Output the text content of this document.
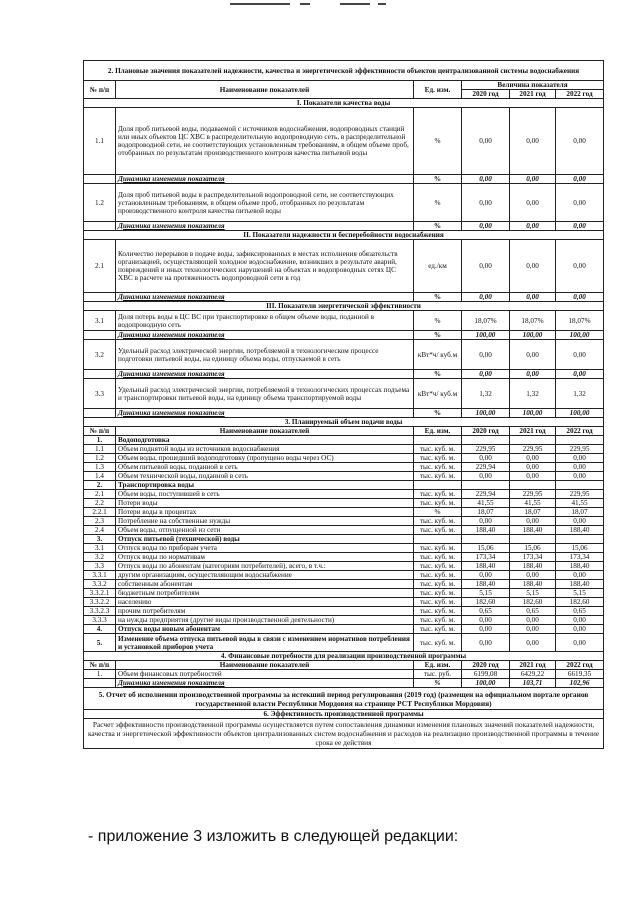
2. Плановые значения показателей надежности, качества и энергетической эффективности объектов централизованной системы водоснабжения					
№ п/п	Наименование показателей	Ед. изм.	Величина показателя		
			2020 год	2021 год	2022 год
I. Показатели качества воды					
1.1	Доля проб питьевой воды, подаваемой с источников водоснабжения, водопроводных станций или иных объектов ЦС ХВС в распределительную водопроводную сеть, в распределительной водопроводной сети, не соответствующих установленным требованиям, в общем объеме проб, отобранных по результатам производственного контроля качества питьевой воды	%	0,00	0,00	0,00
	Динамика изменения показателя	%	0,00	0,00	0,00
1.2	Доля проб питьевой воды в распределительной водопроводной сети, не соответствующих установленным требованиям, в общем объеме проб, отобранных по результатам производственного контроля качества питьевой воды	%	0,00	0,00	0,00
	Динамика изменения показателя	%	0,00	0,00	0,00
II. Показатели надежности и бесперебойности водоснабжения					
2.1	Количество перерывов в подаче воды, зафиксированных в местах исполнения обязательств организацией, осуществляющей холодное водоснабжение, возникших в результате аварий, повреждений и иных технологических нарушений на объектах и водопроводных сетях ЦС ХВС в расчете на протяженность водопроводной сети в год	ед./км	0,00	0,00	0,00
	Динамика изменения показателя	%	0,00	0,00	0,00
III. Показатели энергетической эффективности					
3.1	Доля потерь воды в ЦС ВС при транспортировке в общем объеме воды, поданной в водопроводную сеть	%	18,07%	18,07%	18,07%
	Динамика изменения показателя	%	100,00	100,00	100,00
3.2	Удельный расход электрической энергии, потребляемой в технологическом процессе подготовки питьевой воды, на единицу объема воды, отпускаемой в сеть	кВт*ч/ куб.м	0,00	0,00	0,00
	Динамика изменения показателя	%	0,00	0,00	0,00
3.3	Удельный расход электрической энергии, потребляемой в технологических процессах подъема и транспортировки питьевой воды, на единицу объема транспортируемой воды	кВт*ч/ куб.м	1,32	1,32	1,32
	Динамика изменения показателя	%	100,00	100,00	100,00
3. Планируемый объем подачи воды					
№ п/п	Наименование показателей	Ед. изм.	2020 год	2021 год	2022 год
1.	Водоподготовка				
1.1	Объем поднятой воды из источников водоснабжения	тыс. куб. м.	229,95	229,95	229,95
1.2	Объем воды, прошедший водоподготовку (пропущено воды через ОС)	тыс. куб. м.	0,00	0,00	0,00
1.3	Объем питьевой воды, поданной в сеть	тыс. куб. м.	229,94	0,00	0,00
1.4	Объем технической воды, поданной в сеть	тыс. куб. м.	0,00	0,00	0,00
2.	Транспортировка воды				
2.1	Объем воды, поступившей в сеть	тыс. куб. м.	229,94	229,95	229,95
2.2	Потери воды	тыс. куб. м.	41,55	41,55	41,55
2.2.1	Потери воды в процентах	%	18,07	18,07	18,07
2.3	Потребление на собственные нужды	тыс. куб. м.	0,00	0,00	0,00
2.4	Объем воды, отпущенной из сети	тыс. куб. м.	188,40	188,40	188,40
3.	Отпуск питьевой (технической) воды				
3.1	Отпуск воды по приборам учета	тыс. куб. м.	15,06	15,06	15,06
3.2	Отпуск воды по нормативам	тыс. куб. м.	173,34	173,34	173,34
3.3	Отпуск воды по абонентам (категориям потребителей), всего, в т.ч.:	тыс. куб. м.	188,40	188,40	188,40
3.3.1	другим организациям, осуществляющим водоснабжение	тыс. куб. м.	0,00	0,00	0,00
3.3.2	собственным абонентам	тыс. куб. м.	188,40	188,40	188,40
3.3.2.1	бюджетным потребителям	тыс. куб. м.	5,15	5,15	5,15
3.3.2.2	населению	тыс. куб. м.	182,60	182,60	182,60
3.3.2.3	прочим потребителям	тыс. куб. м.	0,65	0,65	0,65
3.3.3	на нужды предприятия (другие виды производственной деятельности)	тыс. куб. м.	0,00	0,00	0,00
4.	Отпуск воды новым абонентам	тыс. куб. м.	0,00	0,00	0,00
5.	Изменение объема отпуска питьевой воды в связи с изменением нормативов потребления и установкой приборов учета	тыс. куб. м.	0,00	0,00	0,00
4. Финансовые потребности для реализации производственной программы					
№ п/п	Наименование показателей	Ед. изм.	2020 год	2021 год	2022 год
1.	Объем финансовых потребностей	тыс. руб.	6199,08	6429,22	6619,35
	Динамика изменения показателя	%	100,00	103,71	102,96
5. Отчет об исполнении производственной программы за истекший период регулирования (2019 год) (размещен на официальном портале органов государственной власти Республики Мордовия на странице РСТ Республики Мордовия)					
6. Эффективность производственной программы					
Расчет эффективности производственной программы осуществляется путем сопоставления динамики изменения плановых значений показателей надежности, качества и энергетической эффективности объектов централизованных систем водоснабжения и расходов на реализацию производственной программы в течение срока ее действия					
- приложение 3 изложить в следующей редакции:
